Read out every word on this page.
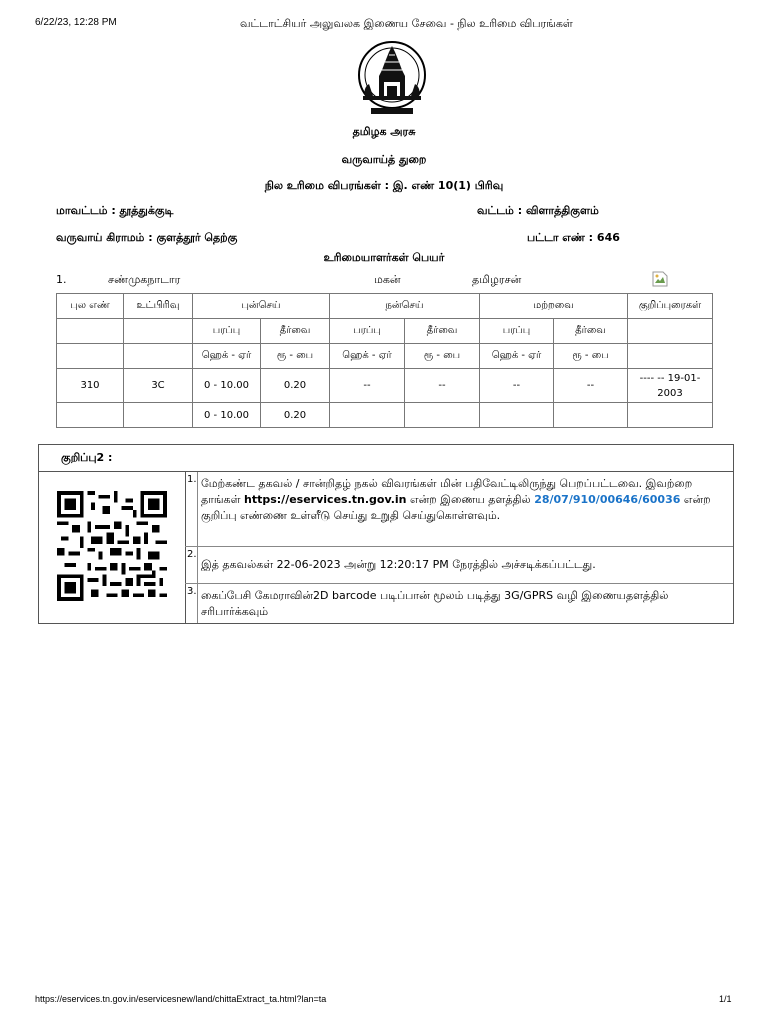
6/22/23, 12:28 PM	வட்டாட்சியர் அலுவலக இணைய சேவை - நில உரிமை விபரங்கள்
தமிழக அரசு
வருவாய்த் துறை
நில உரிமை விபரங்கள் : இ. எண் 10(1) பிரிவு
மாவட்டம் : தூத்துக்குடி	வட்டம் : விளாத்திகுளம்
வருவாய் கிராமம் : குளத்தூர் தெற்கு	பட்டா எண் : 646
உரிமையாளர்கள் பெயர்
1.	சண்முகநாடார	மகன்	தமிழரசன்
புல எண்	உட்பிரிவு	புன்செய்		நன்செய்		மற்றவை		குறிப்புரைகள்
		பரப்பு	தீர்வை	பரப்பு	தீர்வை	பரப்பு	தீர்வை	
		ஹெக் - ஏர்	ரூ - பை	ஹெக் - ஏர்	ரூ - பை	ஹெக் - ஏர்	ரூ - பை	
310	3C	0 - 10.00	0.20	--	--	--	--	---- -- 19-01-2003
		0 - 10.00	0.20					
குறிப்பு2 :
1. மேற்கண்ட தகவல் / சான்றிதழ் நகல் விவரங்கள் மின் பதிவேட்டிலிருந்து பெறப்பட்டவை. இவற்றை தாங்கள் https://eservices.tn.gov.in என்ற இணைய தளத்தில் 28/07/910/00646/60036 என்ற குறிப்பு எண்ணை உள்ளீடு செய்து உறுதி செய்துகொள்ளவும்.
2.
இத் தகவல்கள் 22-06-2023 அன்று 12:20:17 PM நேரத்தில் அச்சடிக்கப்பட்டது.
3. கைப்பேசி கேமராவின்2D barcode படிப்பான் மூலம் படித்து 3G/GPRS வழி இணையதளத்தில் சரிபார்க்கவும்
https://eservices.tn.gov.in/eservicesnew/land/chittaExtract_ta.html?lan=ta	1/1
